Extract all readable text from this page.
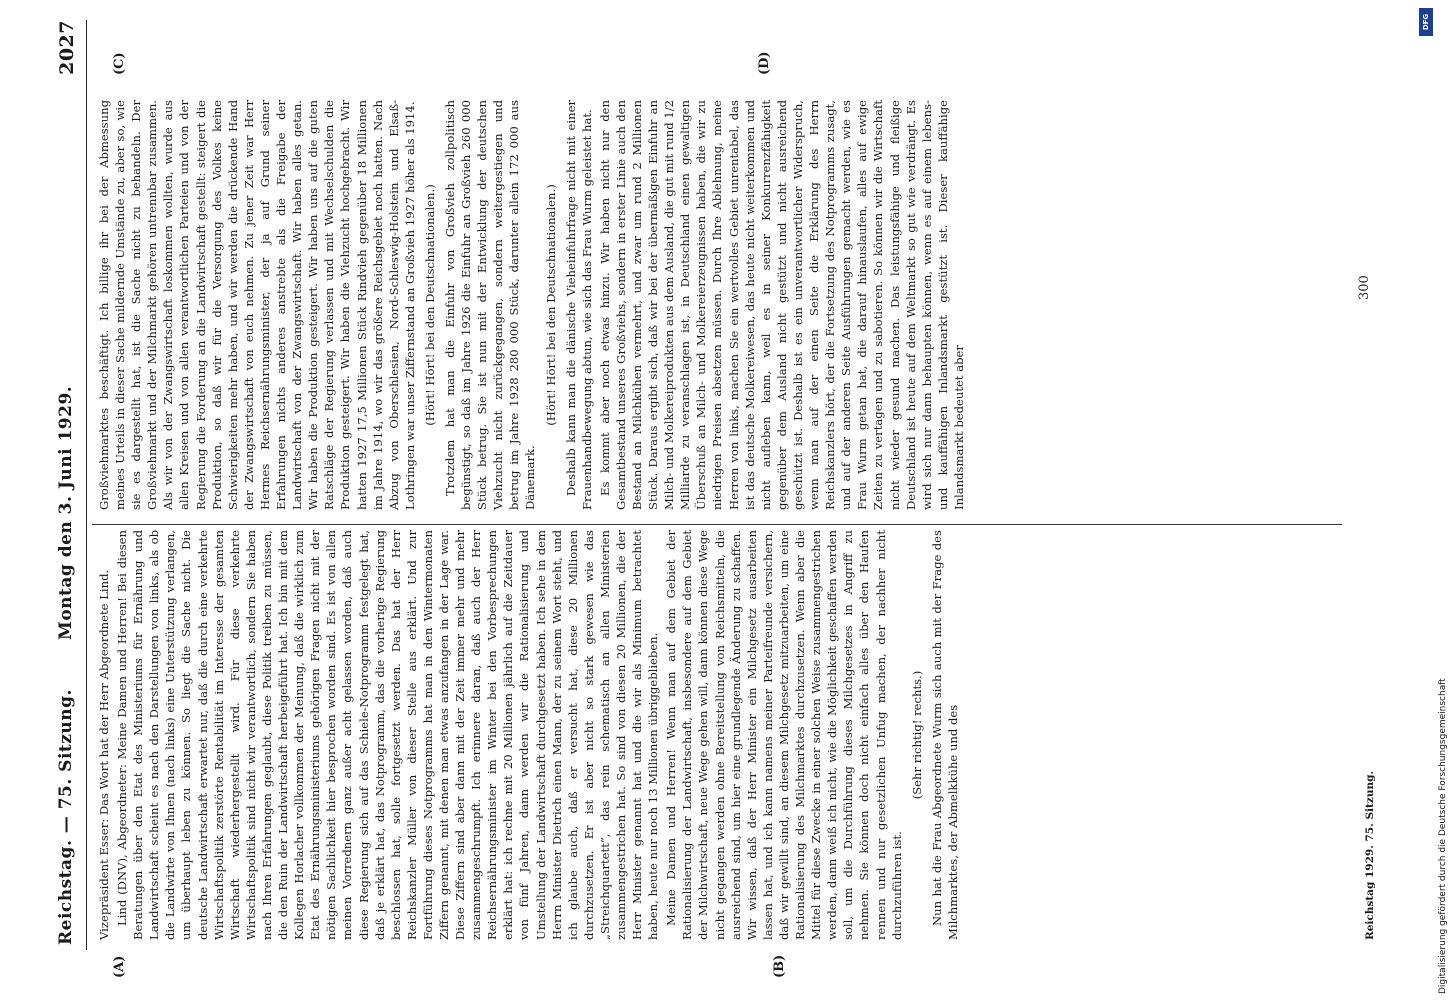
Reichstag. — 75. Sitzung.
Montag den 3. Juni 1929.
2027
(A)	(B)
(C)	(D)

Vizepräsident Esser: Das Wort hat der Herr Abgeordnete Lind. Lind (DNV), Abgeordneter: Meine Damen und Herren! Bei diesen Beratungen über den Etat des Ministeriums für Ernährung und Landwirtschaft scheint es nach den Darstellungen von links, als ob die Landwirte von Ihnen (nach links) eine Unterstützung verlangen, um überhaupt leben zu können. So liegt die Sache nicht. Die deutsche Landwirtschaft erwartet nur, daß die durch eine verkehrte Wirtschaftspolitik zerstörte Rentabilität im Interesse der gesamten Wirtschaft wiederhergestellt wird. Für diese verkehrte Wirtschaftspolitik sind nicht wir verantwortlich, sondern Sie haben nach Ihren Erfahrungen geglaubt, diese Politik treiben zu müssen, die den Ruin der Landwirtschaft herbeigeführt hat. Ich bin mit dem Kollegen Horlacher vollkommen der Meinung, daß die wirklich zum Etat des Ernährungsministeriums gehörigen Fragen nicht mit der nötigen Sachlichkeit hier besprochen worden sind. Es ist von allen meinen Vorrednern ganz außer acht gelassen worden, daß auch diese Regierung sich auf das Schiele-Notprogramm festgelegt hat, daß je erklärt hat, das Notprogramm, das die vorherige Regierung beschlossen hat, solle fortgesetzt werden. Das hat der Herr Reichskanzler Müller von dieser Stelle aus erklärt. Und zur Fortführung dieses Notprogramms hat man in den Wintermonaten Ziffern genannt, mit denen man etwas anzufangen in der Lage war. Diese Ziffern sind aber dann mit der Zeit immer mehr und mehr zusammengeschrumpft. Ich erinnere daran, daß auch der Herr Reichsernährungsminister im Winter bei den Vorbesprechungen erklärt hat: ich rechne mit 20 Millionen jährlich auf die Zeitdauer von fünf Jahren, dann werden wir die Rationalisierung und Umstellung der Landwirtschaft durchgesetzt haben. Ich sehe in dem Herrn Minister Dietrich einen Mann, der zu seinem Wort steht, und ich glaube auch, daß er versucht hat, diese 20 Millionen durchzusetzen. Er ist aber nicht so stark gewesen wie das „Streichquartett“, das rein schematisch an allen Ministerien zusammengestrichen hat. So sind von diesen 20 Millionen, die der Herr Minister genannt hat und die wir als Minimum betrachtet haben, heute nur noch 13 Millionen übriggeblieben. Meine Damen und Herren! Wenn man auf dem Gebiet der Rationalisierung der Landwirtschaft, insbesondere auf dem Gebiet der Milchwirtschaft, neue Wege gehen will, dann können diese Wege nicht gegangen werden ohne Bereitstellung von Reichsmitteln, die ausreichend sind, um hier eine grundlegende Änderung zu schaffen. Wir wissen, daß der Herr Minister ein Milchgesetz ausarbeiten lassen hat, und ich kann namens meiner Parteifreunde versichern, daß wir gewillt sind, an diesem Milchgesetz mitzuarbeiten, um eine Rationalisierung des Milchmarktes durchzusetzen. Wenn aber die Mittel für diese Zwecke in einer solchen Weise zusammengestrichen werden, dann weiß ich nicht, wie die Möglichkeit geschaffen werden soll, um die Durchführung dieses Milchgesetzes in Angriff zu nehmen. Sie können doch nicht einfach alles über den Haufen rennen und nur gesetzlichen Unfug machen, der nachher nicht durchzuführen ist.

(Sehr richtig! rechts.) Nun hat die Frau Abgeordnete Wurm sich auch mit der Frage des Milchmarktes, der Abmelkkühe und des

Großviehmarktes beschäftigt. Ich billige ihr bei der Abmessung meines Urteils in dieser Sache mildernde Umstände zu, aber so, wie sie es dargestellt hat, ist die Sache nicht zu behandeln. Der Großviehmarkt und der Milchmarkt gehören untrennbar zusammen. Als wir von der Zwangswirtschaft loskommen wollten, wurde aus allen Kreisen und von allen verantwortlichen Parteien und von der Regierung die Forderung an die Landwirtschaft gestellt: steigert die Produktion, so daß wir für die Versorgung des Volkes keine Schwierigkeiten mehr haben, und wir werden die drückende Hand der Zwangswirtschaft von euch nehmen. Zu jener Zeit war Herr Hermes Reichsernährungsminister, der ja auf Grund seiner Erfahrungen nichts anderes anstrebte als die Freigabe der Landwirtschaft von der Zwangswirtschaft. Wir haben alles getan. Wir haben die Produktion gesteigert. Wir haben uns auf die guten Ratschläge der Regierung verlassen und mit Wechselschulden die Produktion gesteigert. Wir haben die Viehzucht hochgebracht. Wir hatten 1927 17,5 Millionen Stück Rindvieh gegenüber 18 Millionen im Jahre 1914, wo wir das größere Reichsgebiet noch hatten. Nach Abzug von Oberschlesien, Nord-Schleswig-Holstein und Elsaß-Lothringen war unser Ziffernstand an Großvieh 1927 höher als 1914. (Hört! Hört! bei den Deutschnationalen.) Trotzdem hat man die Einfuhr von Großvieh zollpolitisch begünstigt, so daß im Jahre 1926 die Einfuhr an Großvieh 260 000 Stück betrug. Sie ist nun mit der Entwicklung der deutschen Viehzucht nicht zurückgegangen, sondern weitergestiegen und betrug im Jahre 1928 280 000 Stück, darunter allein 172 000 aus Dänemark.

(Hört! Hört! bei den Deutschnationalen.) Deshalb kann man die dänische Vieheinfuhrfrage nicht mit einer Frauenhandbewegung abtun, wie sich das Frau Wurm geleistet hat. Es kommt aber noch etwas hinzu. Wir haben nicht nur den Gesamtbestand unseres Großviehs, sondern in erster Linie auch den Bestand an Milchkühen vermehrt, und zwar um rund 2 Millionen Stück. Daraus ergibt sich, daß wir bei der übermäßigen Einfuhr an Milch- und Molkereiprodukten aus dem Ausland, die gut mit rund 1/2 Milliarde zu veranschlagen ist, in Deutschland einen gewaltigen Überschuß an Milch- und Molkereierzeugnissen haben, die wir zu niedrigen Preisen absetzen müssen. Durch Ihre Ablehnung, meine Herren von links, machen Sie ein wertvolles Gebiet unrentabel, das ist das deutsche Molkereiwesen, das heute nicht weiterkommen und nicht aufleben kann, weil es in seiner Konkurrenzfähigkeit gegenüber dem Ausland nicht gestützt und nicht ausreichend geschützt ist. Deshalb ist es ein unverantwortlicher Widerspruch, wenn man auf der einen Seite die Erklärung des Herrn Reichskanzlers hört, der die Fortsetzung des Notprogramms zusagt, und auf der anderen Seite Ausführungen gemacht werden, wie es Frau Wurm getan hat, die darauf hinauslaufen, alles auf ewige Zeiten zu vertagen und zu sabotieren. So können wir die Wirtschaft nicht wieder gesund machen. Das leistungsfähige und fleißige Deutschland ist heute auf dem Weltmarkt so gut wie verdrängt. Es wird sich nur dann behaupten können, wenn es auf einem lebens- und kauffähigen Inlandsmarkt gestützt ist. Dieser kauffähige Inlandsmarkt bedeutet aber

Reichstag 1929. 75. Sitzung.
300
Digitalisierung gefördert durch die Deutsche Forschungsgemeinschaft
DFG
